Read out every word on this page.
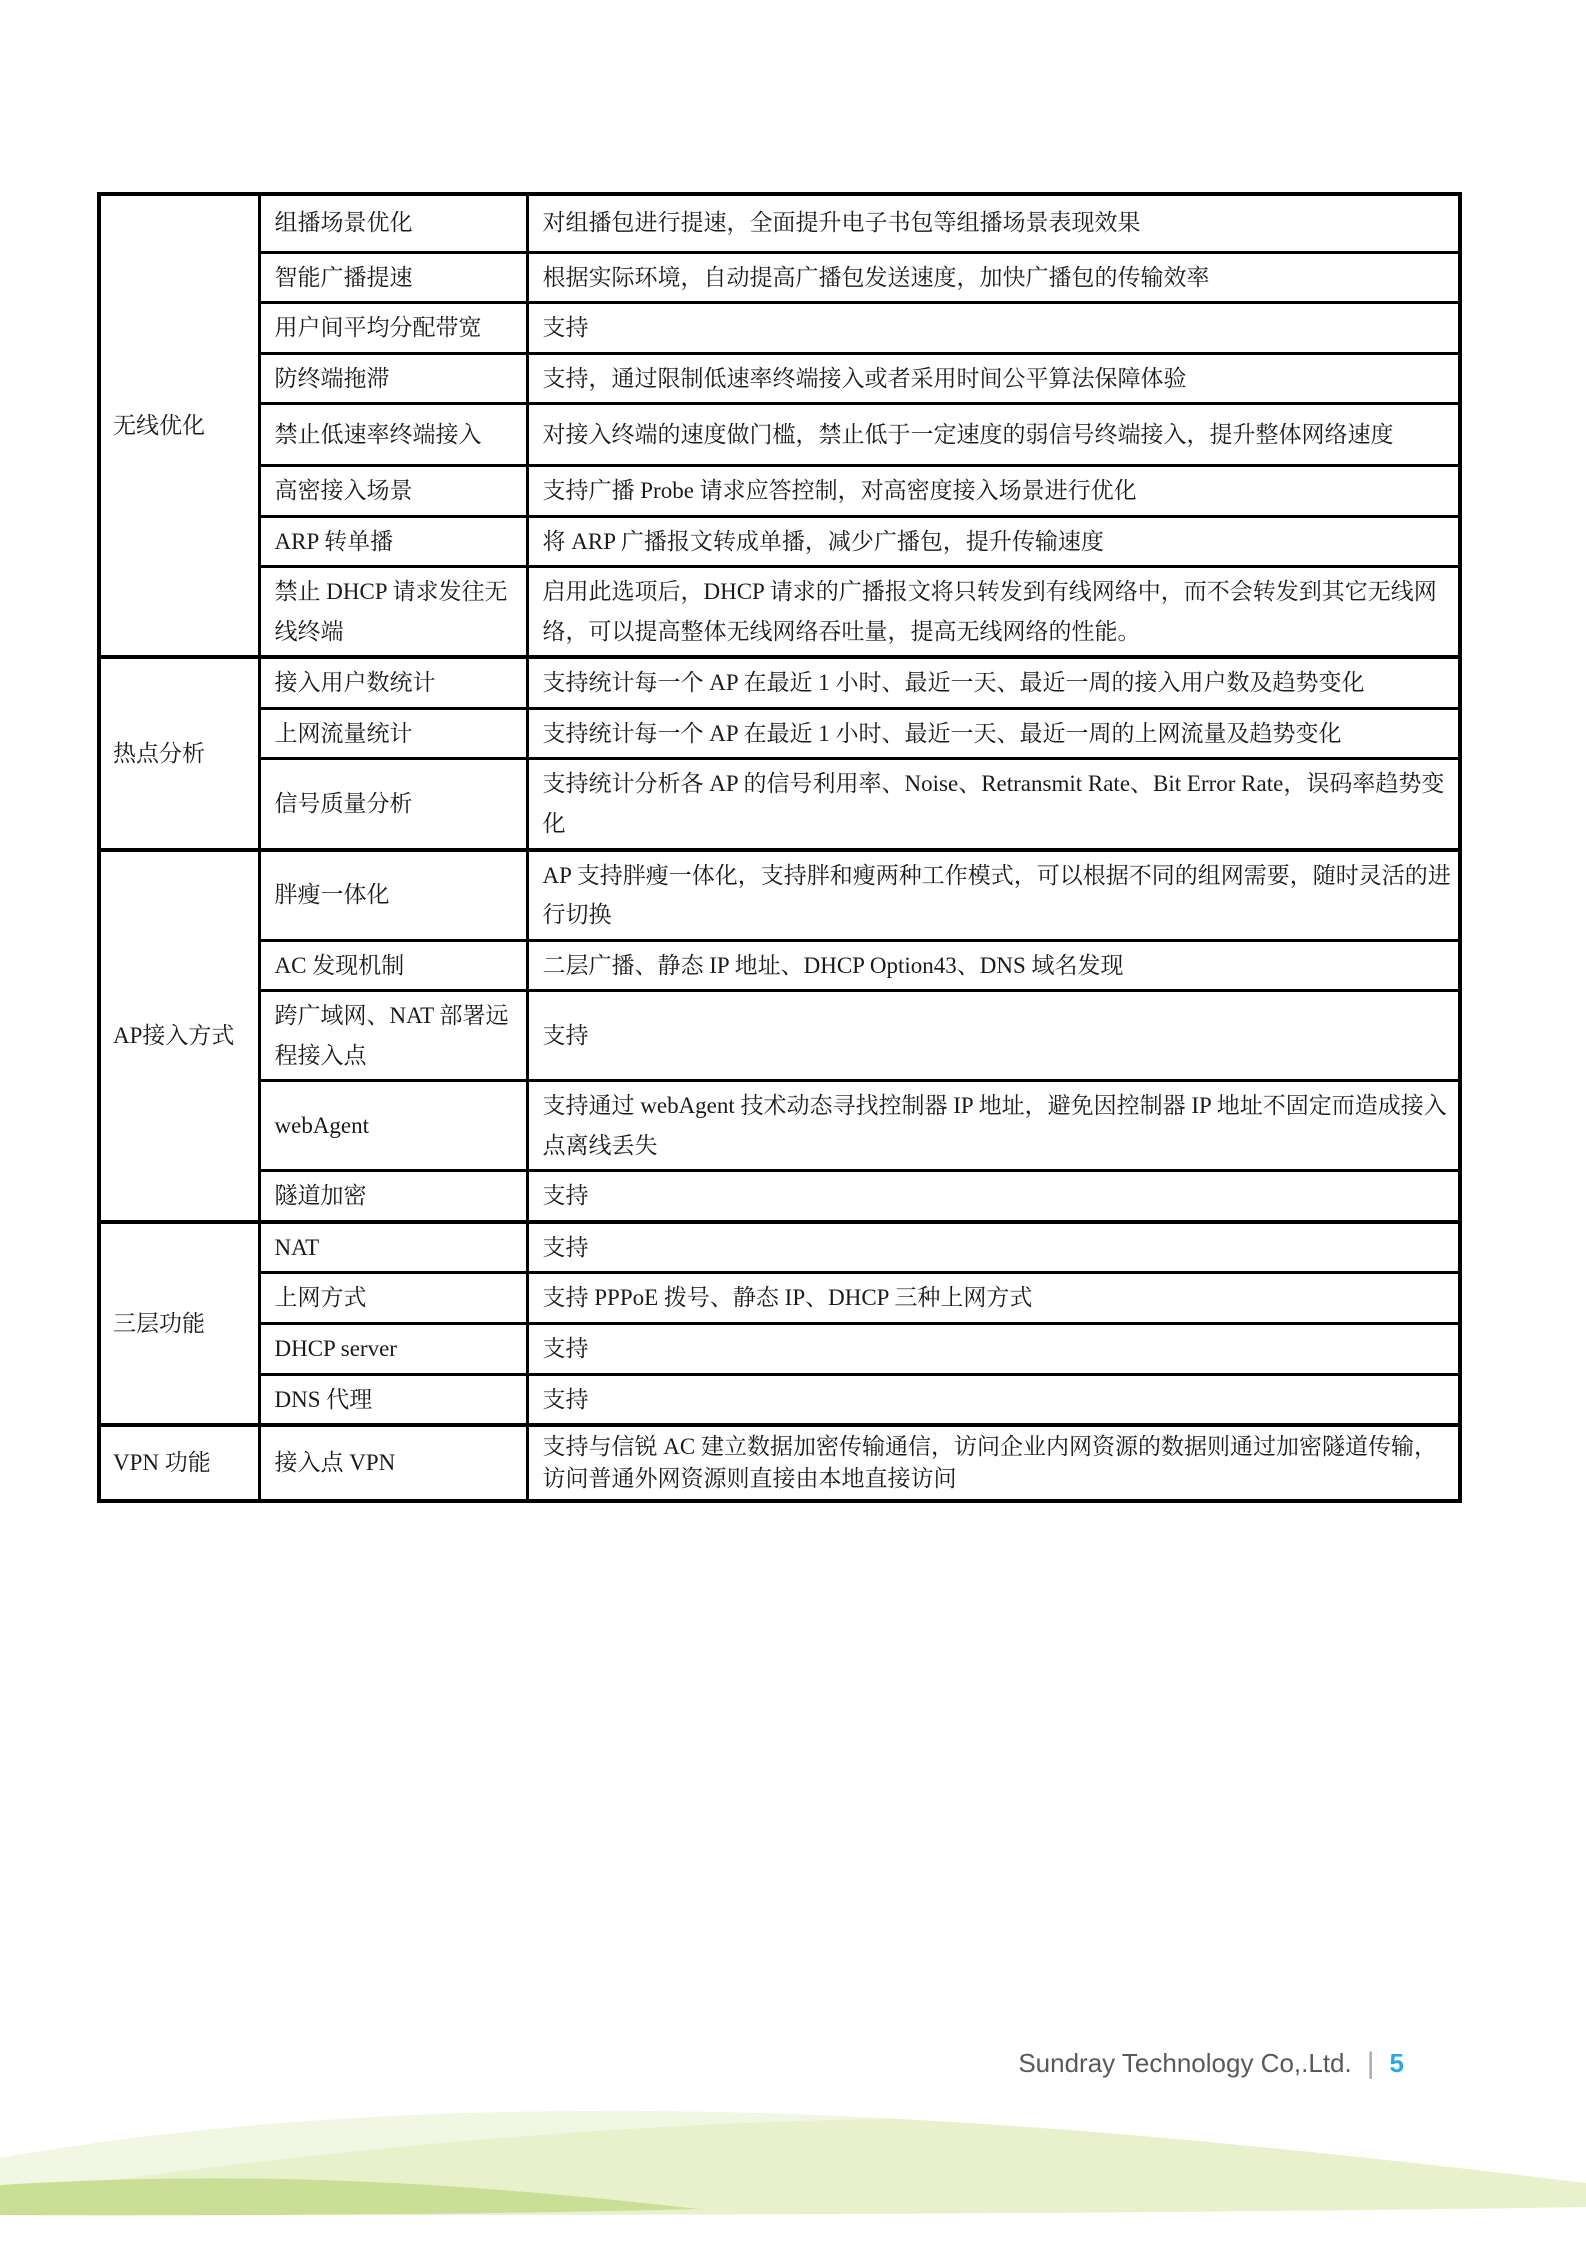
无线优化	组播场景优化	对组播包进行提速，全面提升电子书包等组播场景表现效果
	智能广播提速	根据实际环境，自动提高广播包发送速度，加快广播包的传输效率
	用户间平均分配带宽	支持
	防终端拖滞	支持，通过限制低速率终端接入或者采用时间公平算法保障体验
	禁止低速率终端接入	对接入终端的速度做门槛，禁止低于一定速度的弱信号终端接入，提升整体网络速度
	高密接入场景	支持广播 Probe 请求应答控制，对高密度接入场景进行优化
	ARP 转单播	将 ARP 广播报文转成单播，减少广播包，提升传输速度
	禁止 DHCP 请求发往无线终端	启用此选项后，DHCP 请求的广播报文将只转发到有线网络中，而不会转发到其它无线网络，可以提高整体无线网络吞吐量，提高无线网络的性能。
热点分析	接入用户数统计	支持统计每一个 AP 在最近 1 小时、最近一天、最近一周的接入用户数及趋势变化
	上网流量统计	支持统计每一个 AP 在最近 1 小时、最近一天、最近一周的上网流量及趋势变化
	信号质量分析	支持统计分析各 AP 的信号利用率、Noise、Retransmit Rate、Bit Error Rate，误码率趋势变化
AP接入方式	胖瘦一体化	AP 支持胖瘦一体化，支持胖和瘦两种工作模式，可以根据不同的组网需要，随时灵活的进行切换
	AC 发现机制	二层广播、静态 IP 地址、DHCP Option43、DNS 域名发现
	跨广域网、NAT 部署远程接入点	支持
	webAgent	支持通过 webAgent 技术动态寻找控制器 IP 地址，避免因控制器 IP 地址不固定而造成接入点离线丢失
	隧道加密	支持
三层功能	NAT	支持
	上网方式	支持 PPPoE 拨号、静态 IP、DHCP 三种上网方式
	DHCP server	支持
	DNS 代理	支持
VPN 功能	接入点 VPN	支持与信锐 AC 建立数据加密传输通信，访问企业内网资源的数据则通过加密隧道传输，访问普通外网资源则直接由本地直接访问
Sundray Technology Co,.Ltd. | 5
